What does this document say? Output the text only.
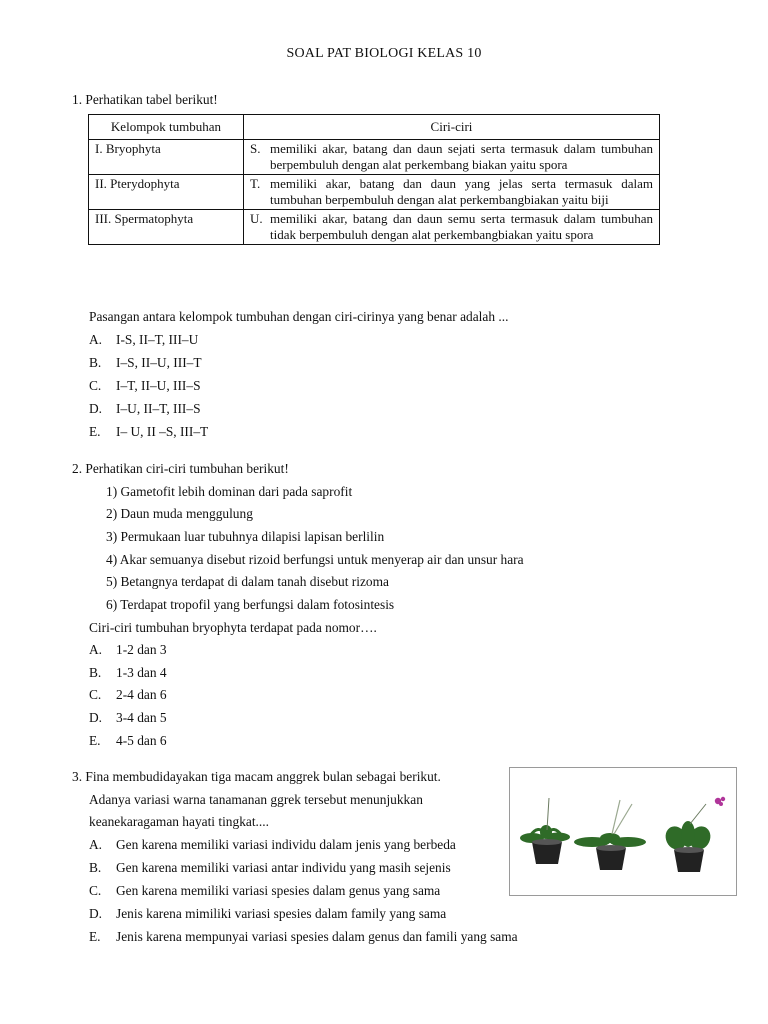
SOAL PAT BIOLOGI KELAS 10
1. Perhatikan tabel berikut!
Kelompok tumbuhan	Ciri-ciri
I. Bryophyta	S. memiliki akar, batang dan daun sejati serta termasuk dalam tumbuhan berpembuluh dengan alat perkembang biakan yaitu spora

II. Pterydophyta	T. memiliki akar, batang dan daun yang jelas serta termasuk dalam tumbuhan berpembuluh dengan alat perkembangbiakan yaitu biji

III. Spermatophyta	U. memiliki akar, batang dan daun semu serta termasuk dalam tumbuhan tidak berpembuluh dengan alat perkembangbiakan yaitu spora
Pasangan antara kelompok tumbuhan dengan ciri-cirinya yang benar adalah ...
A. I-S, II–T, III–U
B. I–S, II–U, III–T
C. I–T, II–U, III–S
D. I–U, II–T, III–S
E. I– U, II –S, III–T
2. Perhatikan ciri-ciri tumbuhan berikut!
1) Gametofit lebih dominan dari pada saprofit
2) Daun muda menggulung
3) Permukaan luar tubuhnya dilapisi lapisan berlilin
4) Akar semuanya disebut rizoid berfungsi untuk menyerap air dan unsur hara
5) Betangnya terdapat di dalam tanah disebut rizoma
6) Terdapat tropofil yang berfungsi dalam fotosintesis
Ciri-ciri tumbuhan bryophyta terdapat pada nomor….
A. 1-2 dan 3
B. 1-3 dan 4
C. 2-4 dan 6
D. 3-4 dan 5
E. 4-5 dan 6
3. Fina membudidayakan tiga macam anggrek bulan sebagai berikut.
Adanya variasi warna tanamanan ggrek tersebut menunjukkan
keanekaragaman hayati tingkat....
A. Gen karena memiliki variasi individu dalam jenis yang berbeda
B. Gen karena memiliki variasi antar individu yang masih sejenis
C. Gen karena memiliki variasi spesies dalam genus yang sama
D. Jenis karena mimiliki variasi spesies dalam family yang sama
E. Jenis karena mempunyai variasi spesies dalam genus dan famili yang sama
